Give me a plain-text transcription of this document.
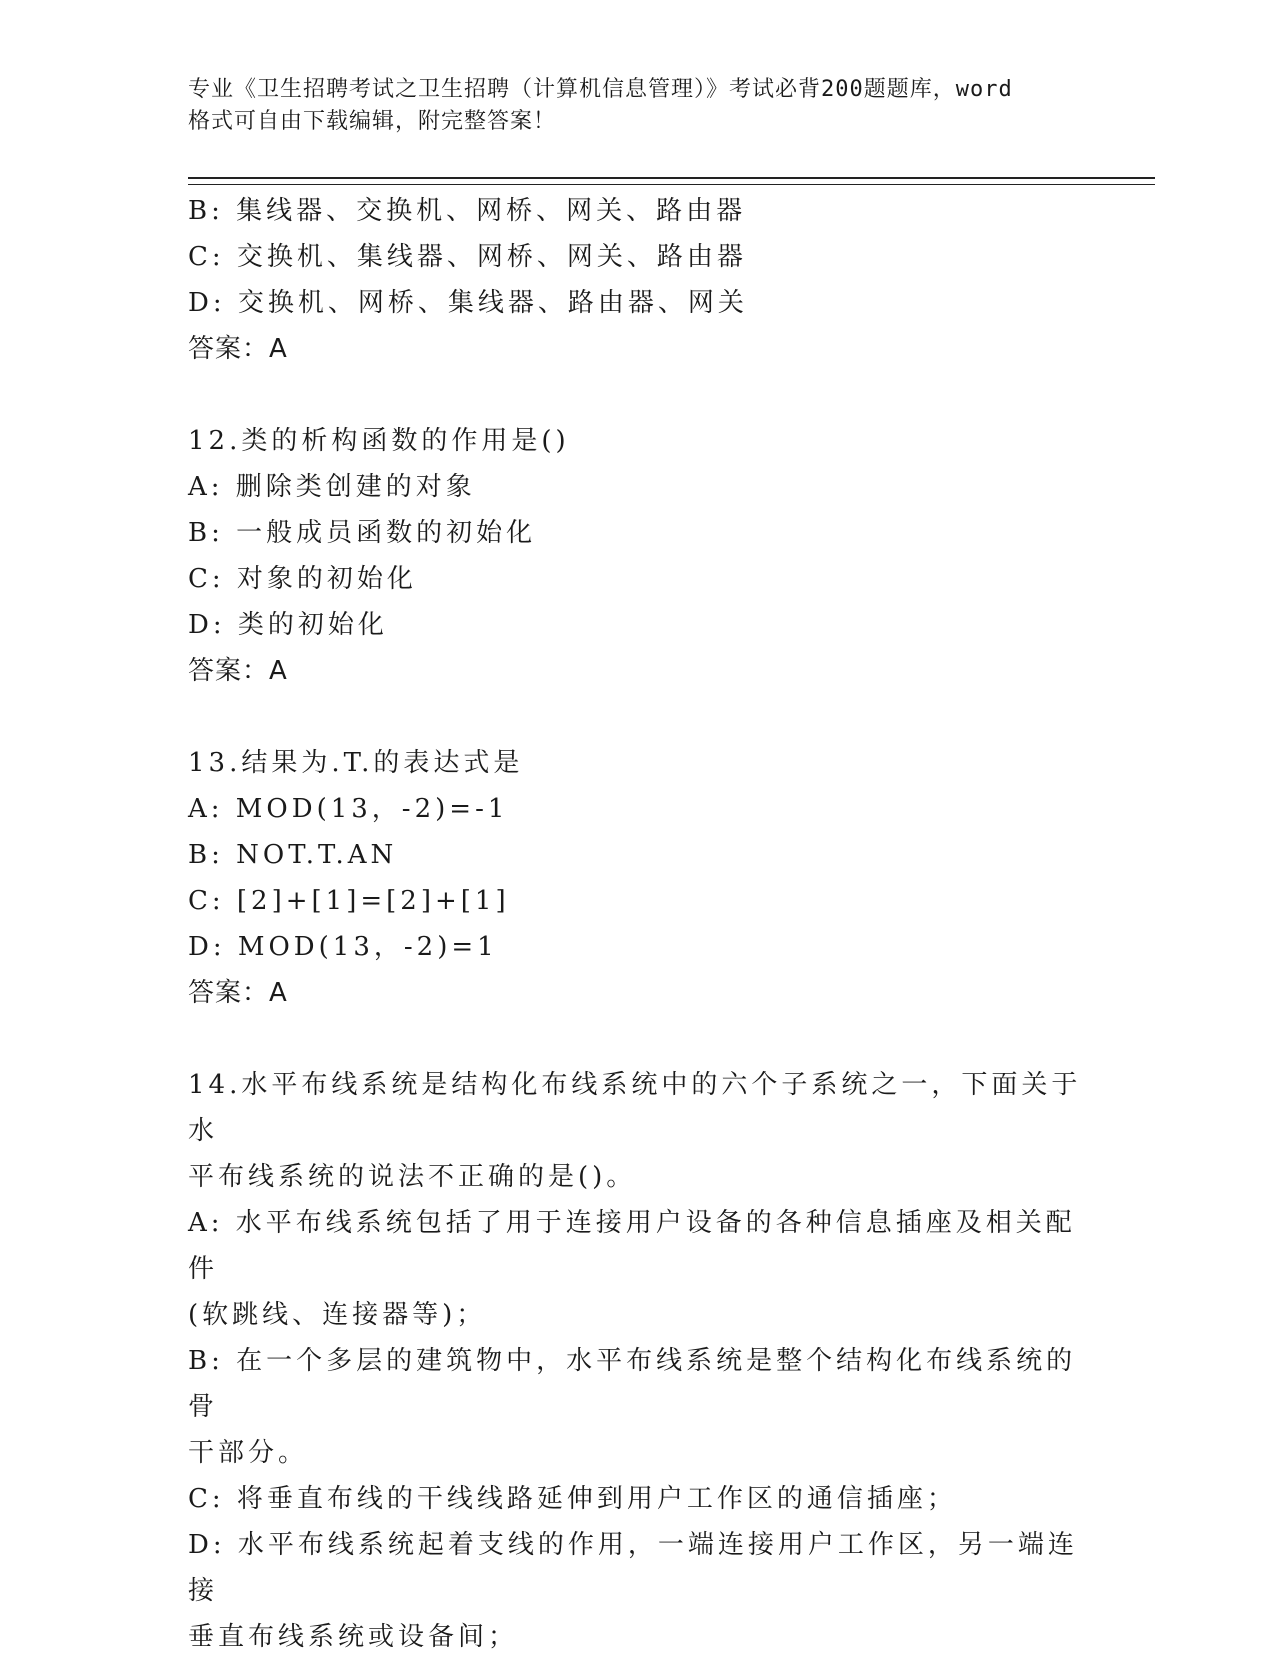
专业《卫生招聘考试之卫生招聘（计算机信息管理）》考试必背200题题库，word
格式可自由下载编辑，附完整答案！
B: 集线器、交换机、网桥、网关、路由器
C: 交换机、集线器、网桥、网关、路由器
D: 交换机、网桥、集线器、路由器、网关
答案：A
12.类的析构函数的作用是()
A: 删除类创建的对象
B: 一般成员函数的初始化
C: 对象的初始化
D: 类的初始化
答案：A
13.结果为.T.的表达式是
A: MOD(13，-2)=-1
B: NOT.T.AN
C: [2]+[1]=[2]+[1]
D: MOD(13，-2)=1
答案：A
14.水平布线系统是结构化布线系统中的六个子系统之一，下面关于水
平布线系统的说法不正确的是()。
A: 水平布线系统包括了用于连接用户设备的各种信息插座及相关配件
(软跳线、连接器等)；
B: 在一个多层的建筑物中，水平布线系统是整个结构化布线系统的骨
干部分。
C: 将垂直布线的干线线路延伸到用户工作区的通信插座；
D: 水平布线系统起着支线的作用，一端连接用户工作区，另一端连接
垂直布线系统或设备间；
